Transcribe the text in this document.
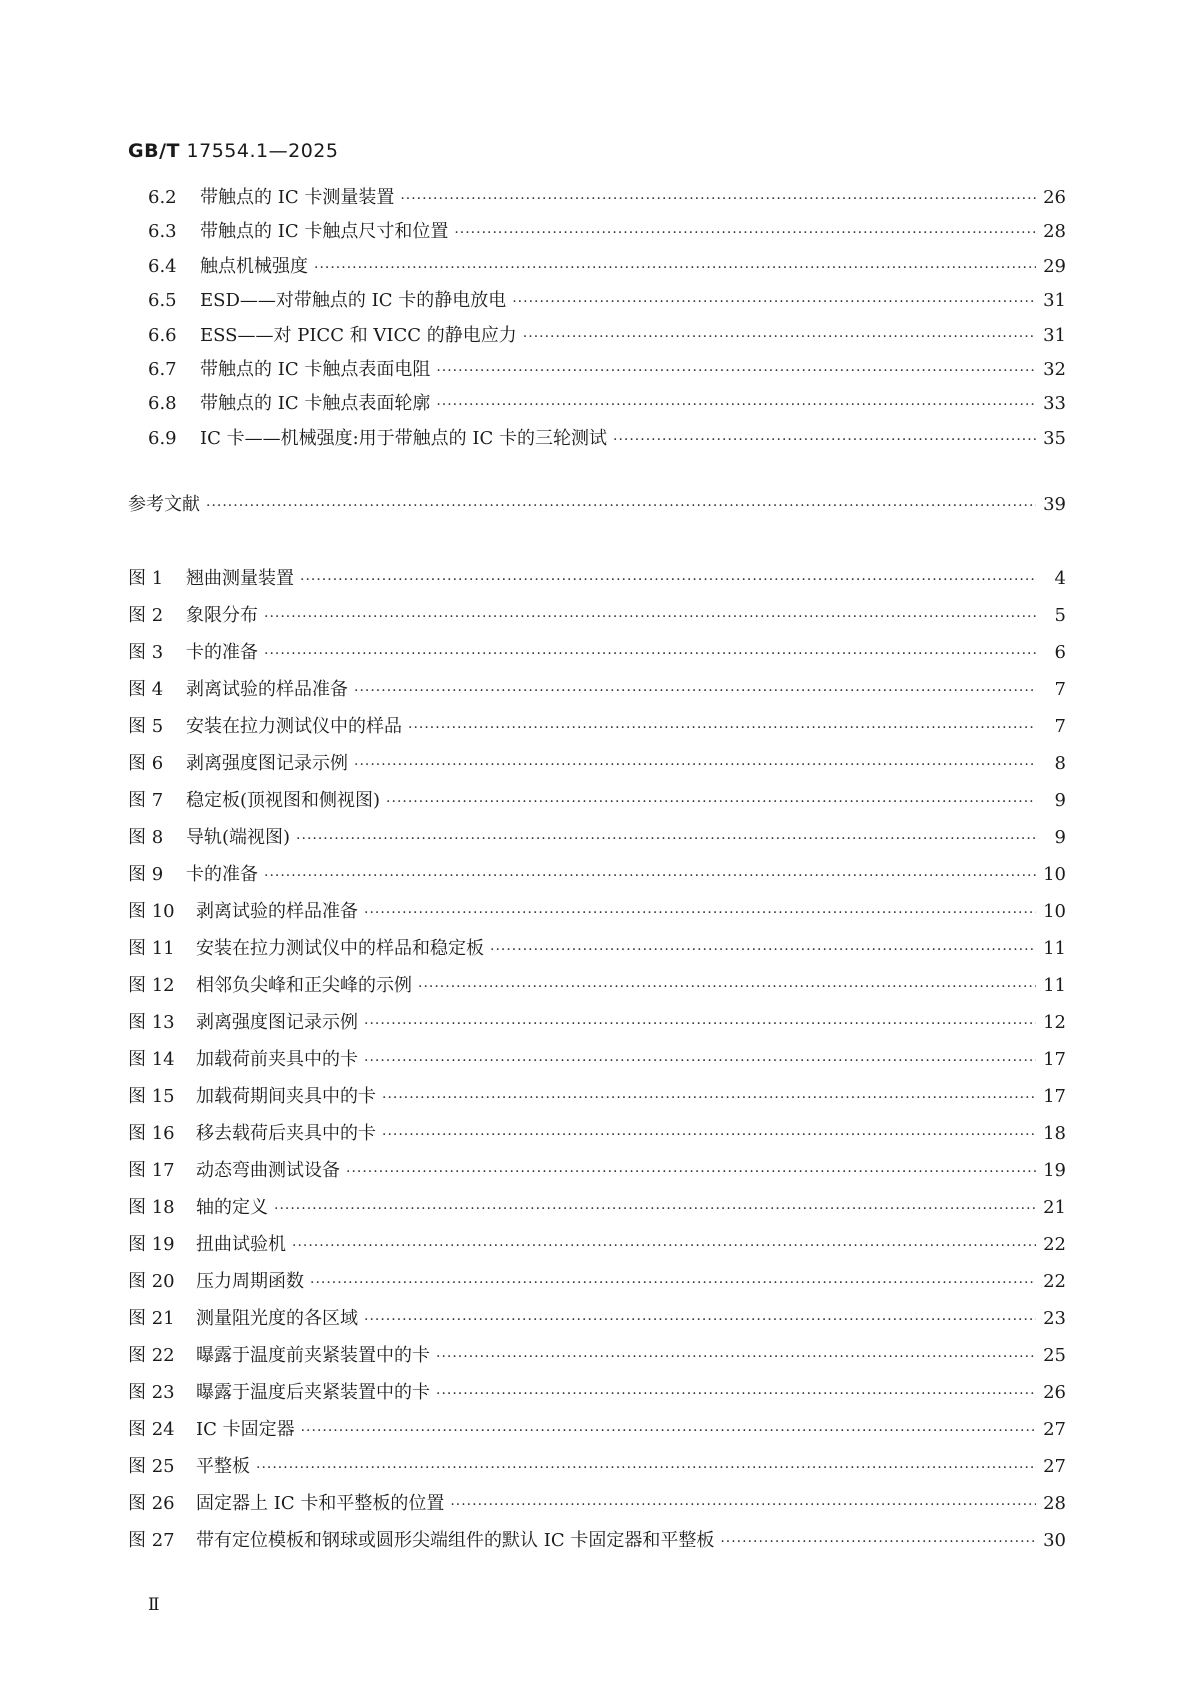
GB/T 17554.1—2025
6.2	带触点的 IC 卡测量装置 ·····	26
6.3	带触点的 IC 卡触点尺寸和位置 ·····	28
6.4	触点机械强度 ·····	29
6.5	ESD——对带触点的 IC 卡的静电放电 ·····	31
6.6	ESS——对 PICC 和 VICC 的静电应力 ·····	31
6.7	带触点的 IC 卡触点表面电阻 ·····	32
6.8	带触点的 IC 卡触点表面轮廓 ·····	33
6.9	IC 卡——机械强度:用于带触点的 IC 卡的三轮测试 ·····	35
参考文献 ·····	39
图 1	翘曲测量装置 ·····	4
图 2	象限分布 ·····	5
图 3	卡的准备 ·····	6
图 4	剥离试验的样品准备 ·····	7
图 5	安装在拉力测试仪中的样品 ·····	7
图 6	剥离强度图记录示例 ·····	8
图 7	稳定板(顶视图和侧视图) ·····	9
图 8	导轨(端视图) ·····	9
图 9	卡的准备 ·····	10
图 10	剥离试验的样品准备 ·····	10
图 11	安装在拉力测试仪中的样品和稳定板 ·····	11
图 12	相邻负尖峰和正尖峰的示例 ·····	11
图 13	剥离强度图记录示例 ·····	12
图 14	加载荷前夹具中的卡 ·····	17
图 15	加载荷期间夹具中的卡 ·····	17
图 16	移去载荷后夹具中的卡 ·····	18
图 17	动态弯曲测试设备 ·····	19
图 18	轴的定义 ·····	21
图 19	扭曲试验机 ·····	22
图 20	压力周期函数 ·····	22
图 21	测量阻光度的各区域 ·····	23
图 22	曝露于温度前夹紧装置中的卡 ·····	25
图 23	曝露于温度后夹紧装置中的卡 ·····	26
图 24	IC 卡固定器 ·····	27
图 25	平整板 ·····	27
图 26	固定器上 IC 卡和平整板的位置 ·····	28
图 27	带有定位模板和钢球或圆形尖端组件的默认 IC 卡固定器和平整板 ·····	30
Ⅱ
